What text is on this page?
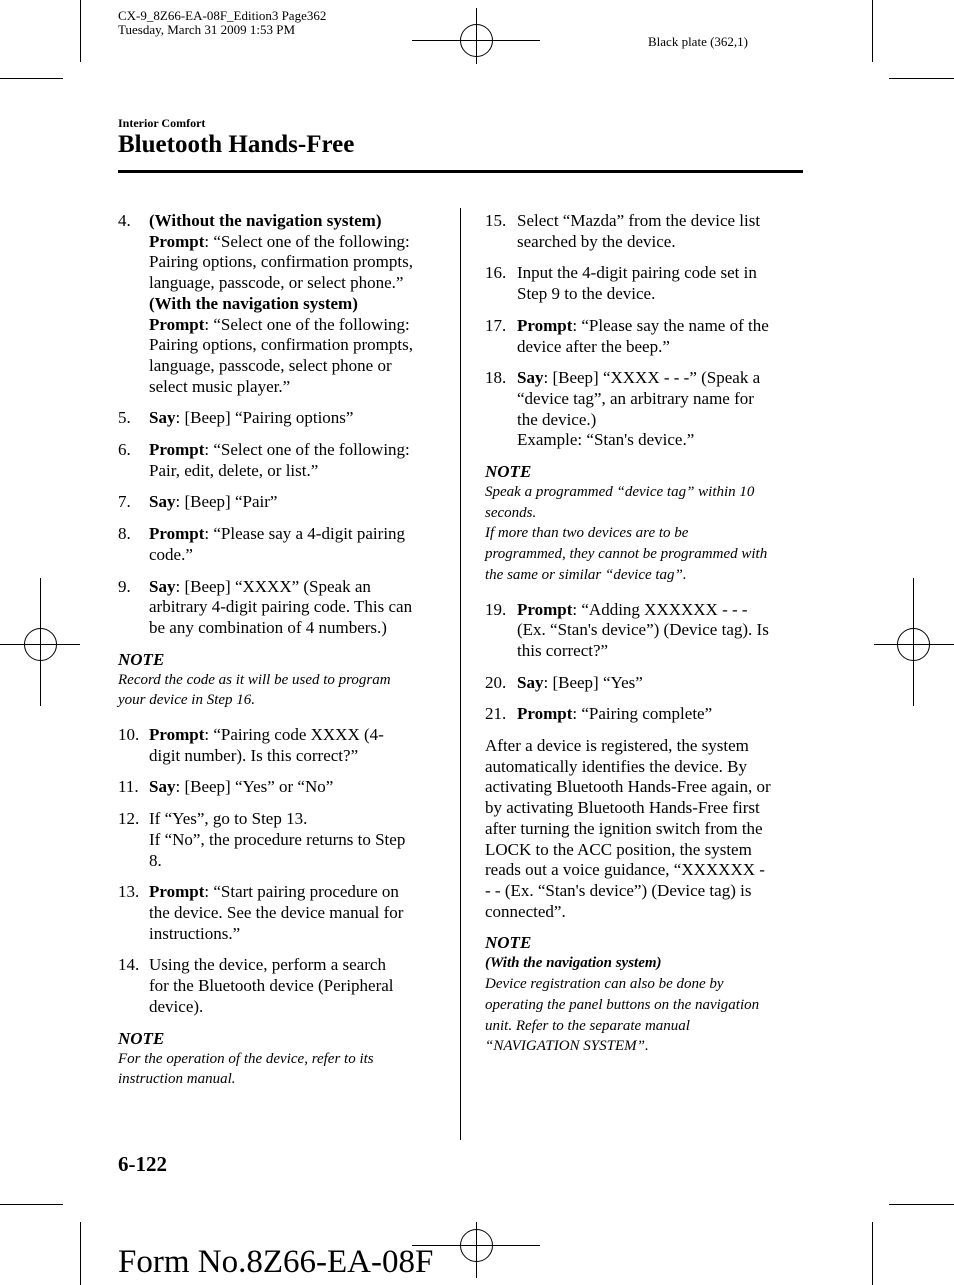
CX-9_8Z66-EA-08F_Edition3 Page362
Tuesday, March 31 2009 1:53 PM
Black plate (362,1)
Interior Comfort
Bluetooth Hands-Free
4. (Without the navigation system)
Prompt: “Select one of the following:
Pairing options, confirmation prompts,
language, passcode, or select phone.”
(With the navigation system)
Prompt: “Select one of the following:
Pairing options, confirmation prompts,
language, passcode, select phone or
select music player.”
5. Say: [Beep] “Pairing options”
6. Prompt: “Select one of the following:
Pair, edit, delete, or list.”
7. Say: [Beep] “Pair”
8. Prompt: “Please say a 4-digit pairing
code.”
9. Say: [Beep] “XXXX” (Speak an
arbitrary 4-digit pairing code. This can
be any combination of 4 numbers.)
NOTE
Record the code as it will be used to program
your device in Step 16.
10. Prompt: “Pairing code XXXX (4-
digit number). Is this correct?”
11. Say: [Beep] “Yes” or “No”
12. If “Yes”, go to Step 13.
If “No”, the procedure returns to Step
8.
13. Prompt: “Start pairing procedure on
the device. See the device manual for
instructions.”
14. Using the device, perform a search
for the Bluetooth device (Peripheral
device).
NOTE
For the operation of the device, refer to its
instruction manual.
15. Select “Mazda” from the device list
searched by the device.
16. Input the 4-digit pairing code set in
Step 9 to the device.
17. Prompt: “Please say the name of the
device after the beep.”
18. Say: [Beep] “XXXX - - -” (Speak a
“device tag”, an arbitrary name for
the device.)
Example: “Stan's device.”
NOTE
Speak a programmed “device tag” within 10
seconds.
If more than two devices are to be
programmed, they cannot be programmed with
the same or similar “device tag”.
19. Prompt: “Adding XXXXXX - - -
(Ex. “Stan's device”) (Device tag). Is
this correct?”
20. Say: [Beep] “Yes”
21. Prompt: “Pairing complete”
After a device is registered, the system
automatically identifies the device. By
activating Bluetooth Hands-Free again, or
by activating Bluetooth Hands-Free first
after turning the ignition switch from the
LOCK to the ACC position, the system
reads out a voice guidance, “XXXXXX -
- - (Ex. “Stan's device”) (Device tag) is
connected”.
NOTE
(With the navigation system)
Device registration can also be done by
operating the panel buttons on the navigation
unit. Refer to the separate manual
“NAVIGATION SYSTEM”.
6-122
Form No.8Z66-EA-08F
